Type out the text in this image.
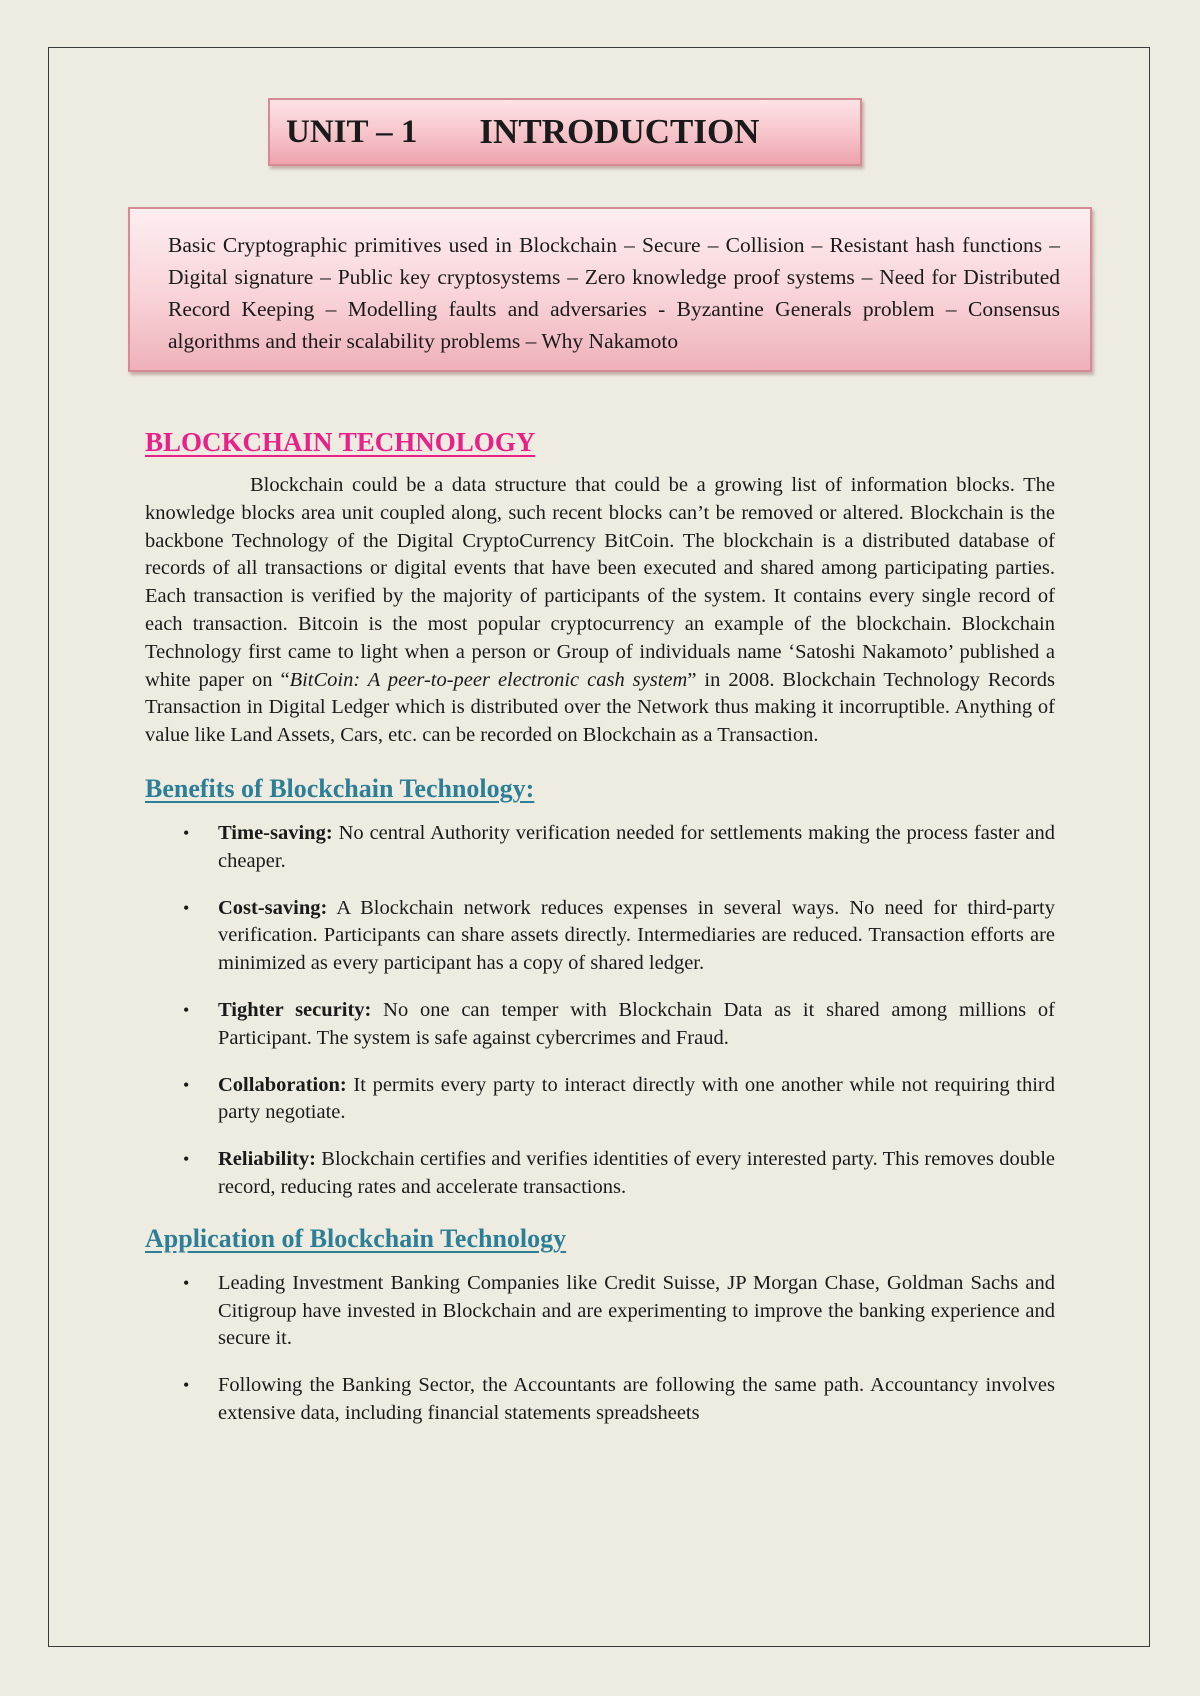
UNIT – 1 INTRODUCTION
Basic Cryptographic primitives used in Blockchain – Secure – Collision – Resistant hash functions – Digital signature – Public key cryptosystems – Zero knowledge proof systems – Need for Distributed Record Keeping – Modelling faults and adversaries - Byzantine Generals problem – Consensus algorithms and their scalability problems – Why Nakamoto
BLOCKCHAIN TECHNOLOGY

Blockchain could be a data structure that could be a growing list of information blocks. The knowledge blocks area unit coupled along, such recent blocks can’t be removed or altered. Blockchain is the backbone Technology of the Digital CryptoCurrency BitCoin. The blockchain is a distributed database of records of all transactions or digital events that have been executed and shared among participating parties. Each transaction is verified by the majority of participants of the system. It contains every single record of each transaction. Bitcoin is the most popular cryptocurrency an example of the blockchain. Blockchain Technology first came to light when a person or Group of individuals name ‘Satoshi Nakamoto’ published a white paper on “BitCoin: A peer-to-peer electronic cash system” in 2008. Blockchain Technology Records Transaction in Digital Ledger which is distributed over the Network thus making it incorruptible. Anything of value like Land Assets, Cars, etc. can be recorded on Blockchain as a Transaction.

Benefits of Blockchain Technology:
• Time-saving: No central Authority verification needed for settlements making the process faster and cheaper.
• Cost-saving: A Blockchain network reduces expenses in several ways. No need for third-party verification. Participants can share assets directly. Intermediaries are reduced. Transaction efforts are minimized as every participant has a copy of shared ledger.
• Tighter security: No one can temper with Blockchain Data as it shared among millions of Participant. The system is safe against cybercrimes and Fraud.
• Collaboration: It permits every party to interact directly with one another while not requiring third party negotiate.
• Reliability: Blockchain certifies and verifies identities of every interested party. This removes double record, reducing rates and accelerate transactions.
Application of Blockchain Technology
• Leading Investment Banking Companies like Credit Suisse, JP Morgan Chase, Goldman Sachs and Citigroup have invested in Blockchain and are experimenting to improve the banking experience and secure it.
• Following the Banking Sector, the Accountants are following the same path. Accountancy involves extensive data, including financial statements spreadsheets
